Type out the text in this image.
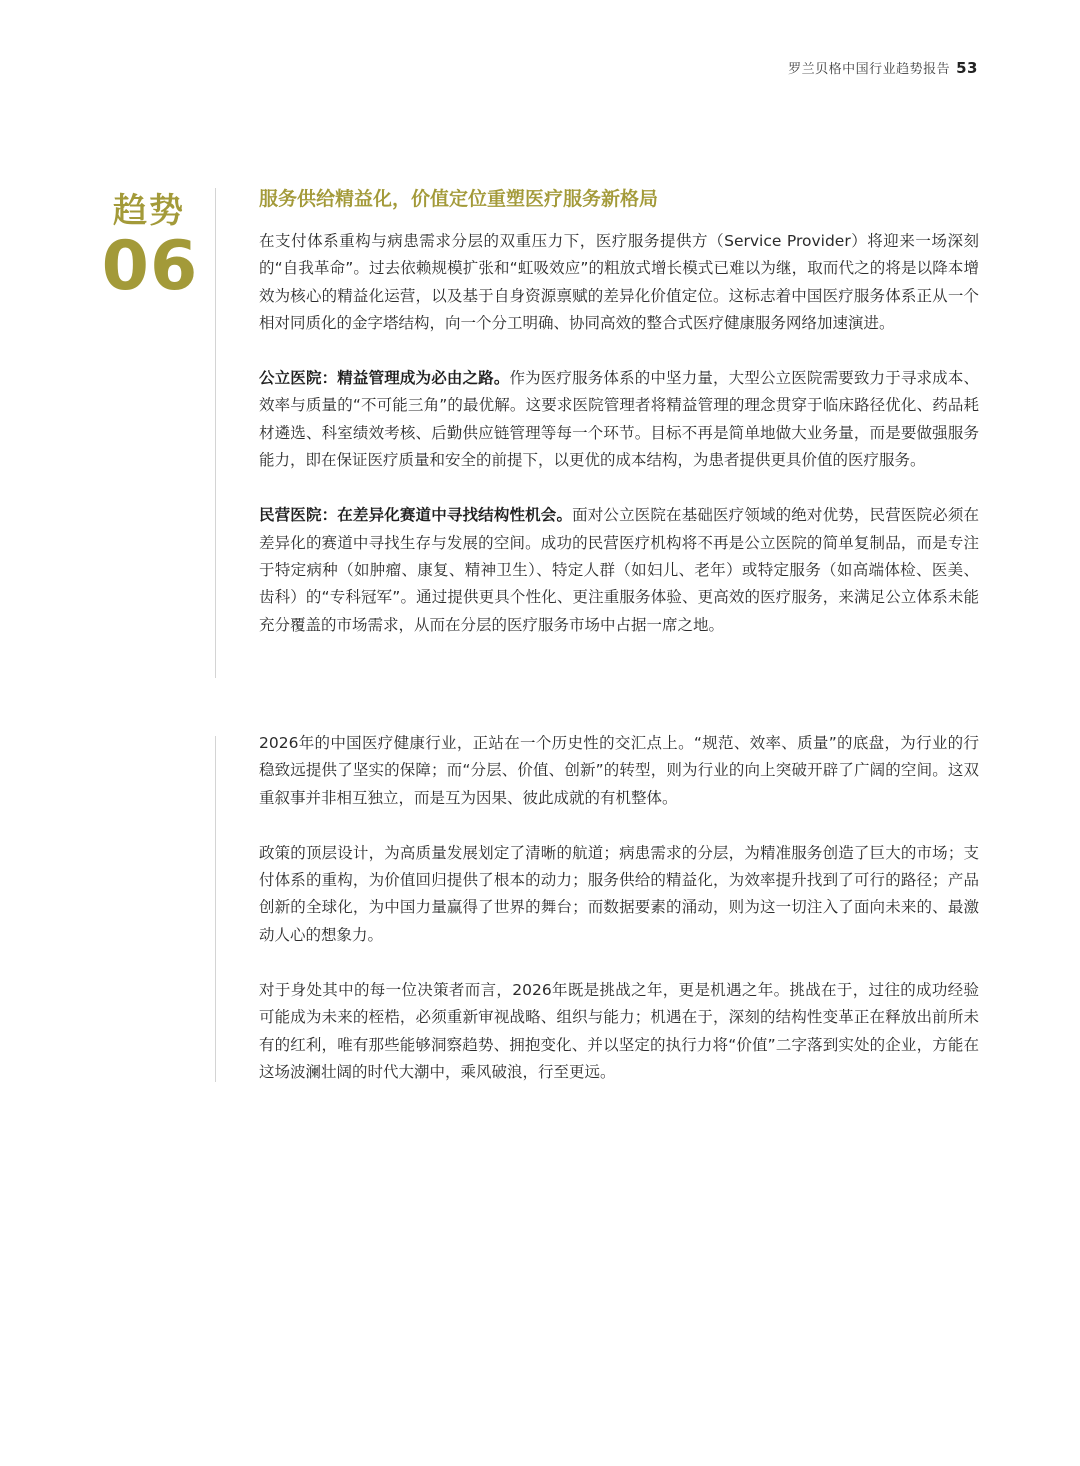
罗兰贝格中国行业趋势报告 53
趋势
06
服务供给精益化，价值定位重塑医疗服务新格局

在支付体系重构与病患需求分层的双重压力下，医疗服务提供方（Service Provider）将迎来一场深刻的“自我革命”。过去依赖规模扩张和“虹吸效应”的粗放式增长模式已难以为继，取而代之的将是以降本增效为核心的精益化运营，以及基于自身资源禀赋的差异化价值定位。这标志着中国医疗服务体系正从一个相对同质化的金字塔结构，向一个分工明确、协同高效的整合式医疗健康服务网络加速演进。

公立医院：精益管理成为必由之路。作为医疗服务体系的中坚力量，大型公立医院需要致力于寻求成本、效率与质量的“不可能三角”的最优解。这要求医院管理者将精益管理的理念贯穿于临床路径优化、药品耗材遴选、科室绩效考核、后勤供应链管理等每一个环节。目标不再是简单地做大业务量，而是要做强服务能力，即在保证医疗质量和安全的前提下，以更优的成本结构，为患者提供更具价值的医疗服务。

民营医院：在差异化赛道中寻找结构性机会。面对公立医院在基础医疗领域的绝对优势，民营医院必须在差异化的赛道中寻找生存与发展的空间。成功的民营医疗机构将不再是公立医院的简单复制品，而是专注于特定病种（如肿瘤、康复、精神卫生）、特定人群（如妇儿、老年）或特定服务（如高端体检、医美、齿科）的“专科冠军”。通过提供更具个性化、更注重服务体验、更高效的医疗服务，来满足公立体系未能充分覆盖的市场需求，从而在分层的医疗服务市场中占据一席之地。

2026年的中国医疗健康行业，正站在一个历史性的交汇点上。“规范、效率、质量”的底盘，为行业的行稳致远提供了坚实的保障；而“分层、价值、创新”的转型，则为行业的向上突破开辟了广阔的空间。这双重叙事并非相互独立，而是互为因果、彼此成就的有机整体。

政策的顶层设计，为高质量发展划定了清晰的航道；病患需求的分层，为精准服务创造了巨大的市场；支付体系的重构，为价值回归提供了根本的动力；服务供给的精益化，为效率提升找到了可行的路径；产品创新的全球化，为中国力量赢得了世界的舞台；而数据要素的涌动，则为这一切注入了面向未来的、最激动人心的想象力。

对于身处其中的每一位决策者而言，2026年既是挑战之年，更是机遇之年。挑战在于，过往的成功经验可能成为未来的桎梏，必须重新审视战略、组织与能力；机遇在于，深刻的结构性变革正在释放出前所未有的红利，唯有那些能够洞察趋势、拥抱变化、并以坚定的执行力将“价值”二字落到实处的企业，方能在这场波澜壮阔的时代大潮中，乘风破浪，行至更远。
